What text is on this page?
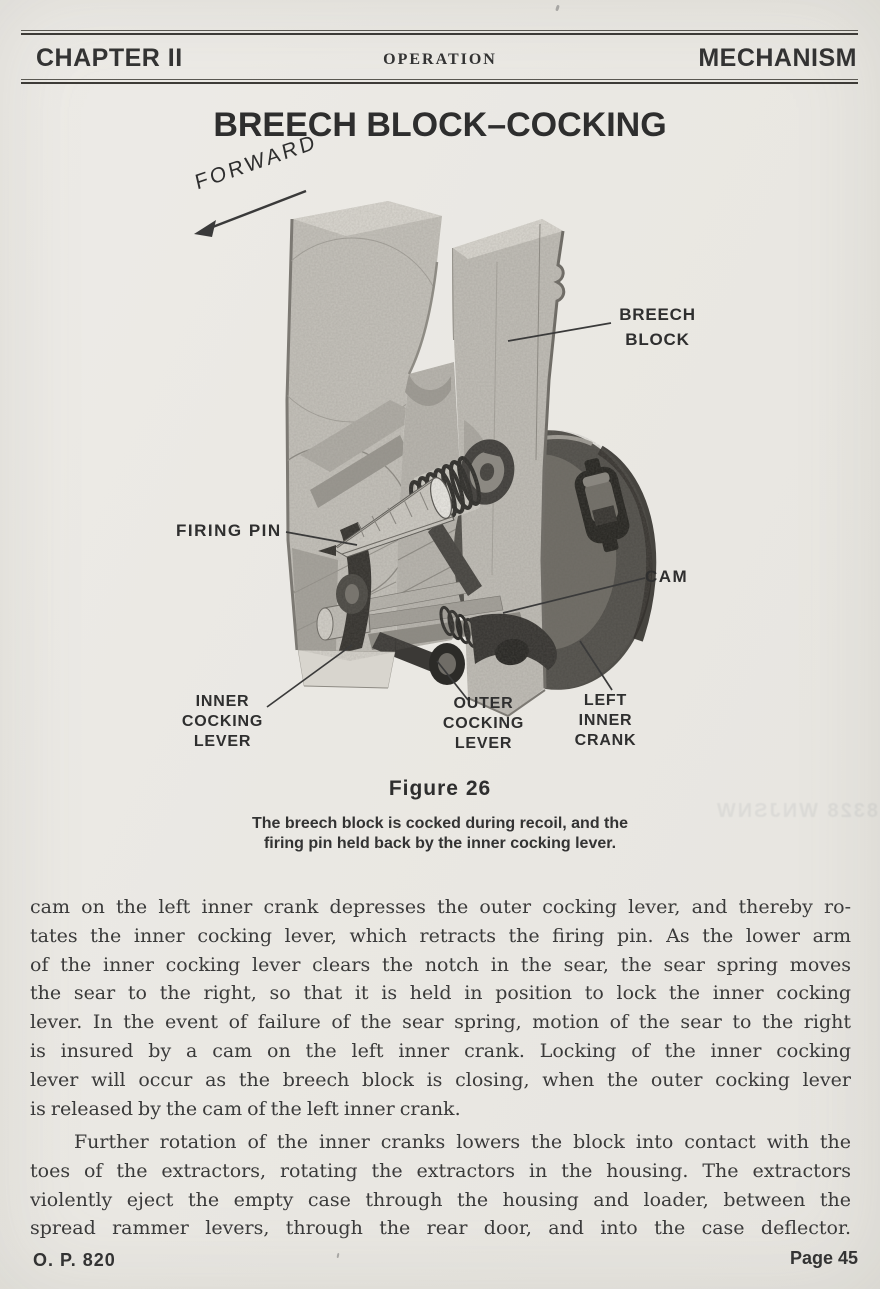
CHAPTER II	OPERATION	MECHANISM
BREECH BLOCK–COCKING
FORWARD
BREECH
BLOCK
FIRING PIN
CAM
INNER
COCKING
LEVER
OUTER
COCKING
LEVER
LEFT
INNER
CRANK
Figure 26
The breech block is cocked during recoil, and the
firing pin held back by the inner cocking lever.
cam on the left inner crank depresses the outer cocking lever, and thereby ro-
tates the inner cocking lever, which retracts the firing pin. As the lower arm
of the inner cocking lever clears the notch in the sear, the sear spring moves
the sear to the right, so that it is held in position to lock the inner cocking
lever. In the event of failure of the sear spring, motion of the sear to the right
is insured by a cam on the left inner crank. Locking of the inner cocking
lever will occur as the breech block is closing, when the outer cocking lever
is released by the cam of the left inner crank.
Further rotation of the inner cranks lowers the block into contact with the
toes of the extractors, rotating the extractors in the housing. The extractors
violently eject the empty case through the housing and loader, between the
spread rammer levers, through the rear door, and into the case deflector.
O. P. 820	Page 45
8328 WNJSNW
